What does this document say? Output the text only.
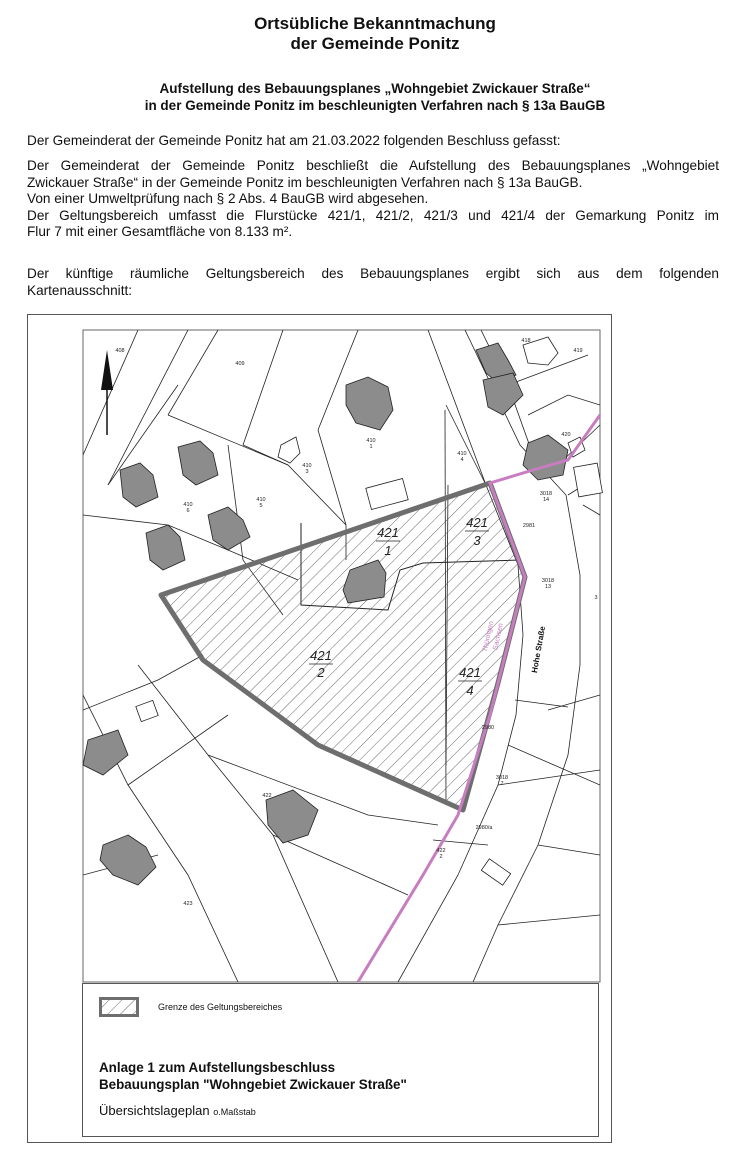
Ortsübliche Bekanntmachung
der Gemeinde Ponitz
Aufstellung des Bebauungsplanes „Wohngebiet Zwickauer Straße“
in der Gemeinde Ponitz im beschleunigten Verfahren nach § 13a BauGB
Der Gemeinderat der Gemeinde Ponitz hat am 21.03.2022 folgenden Beschluss gefasst:
Der Gemeinderat der Gemeinde Ponitz beschließt die Aufstellung des Bebauungsplanes „Wohngebiet
Zwickauer Straße“ in der Gemeinde Ponitz im beschleunigten Verfahren nach § 13a BauGB.
Von einer Umweltprüfung nach § 2 Abs. 4 BauGB wird abgesehen.
Der Geltungsbereich umfasst die Flurstücke 421/1, 421/2, 421/3 und 421/4 der Gemarkung Ponitz im
Flur 7 mit einer Gesamtfläche von 8.133 m².
Der künftige räumliche Geltungsbereich des Bebauungsplanes ergibt sich aus dem folgenden
Kartenausschnitt:
421
1
421
3
421
2	421
4
408
409
410
1
410
4
410
3
410
5
410
6
418
419
420
3018
14
2981
3018
13
2980
3018
7
2980/a
422
422
2
423
3
Hohe Straße
Thüringen
Sachsen
Grenze des Geltungsbereiches
Anlage 1 zum Aufstellungsbeschluss
Bebauungsplan "Wohngebiet Zwickauer Straße"
Übersichtslageplan o.Maßstab
